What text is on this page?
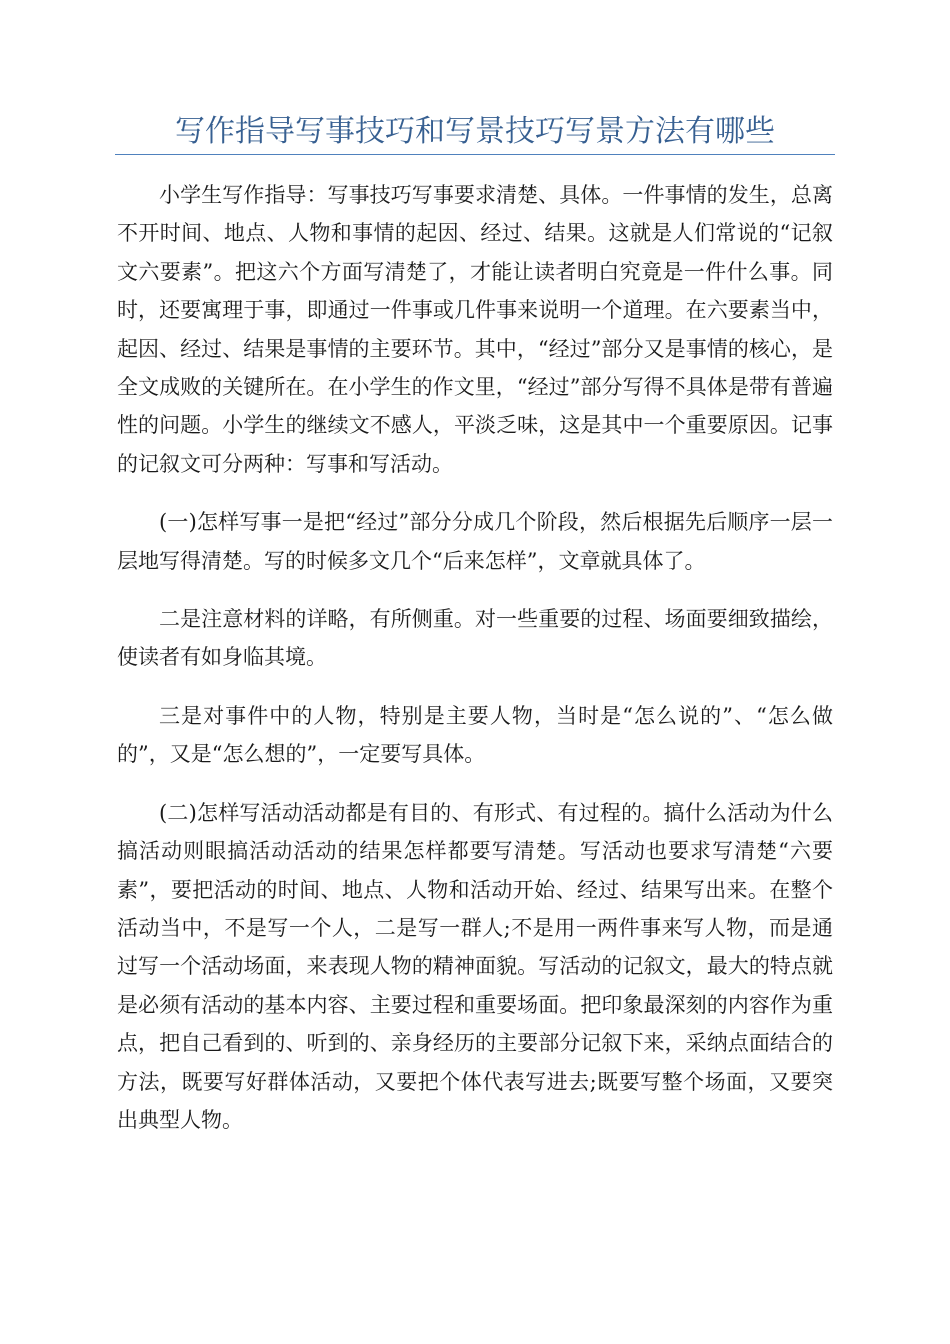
写作指导写事技巧和写景技巧写景方法有哪些

小学生写作指导：写事技巧写事要求清楚、具体。一件事情的发生，总离不开时间、地点、人物和事情的起因、经过、结果。这就是人们常说的“记叙文六要素”。把这六个方面写清楚了，才能让读者明白究竟是一件什么事。同时，还要寓理于事，即通过一件事或几件事来说明一个道理。在六要素当中，起因、经过、结果是事情的主要环节。其中，“经过”部分又是事情的核心，是全文成败的关键所在。在小学生的作文里，“经过”部分写得不具体是带有普遍性的问题。小学生的继续文不感人，平淡乏味，这是其中一个重要原因。记事的记叙文可分两种：写事和写活动。

(一)怎样写事一是把“经过”部分分成几个阶段，然后根据先后顺序一层一层地写得清楚。写的时候多文几个“后来怎样”，文章就具体了。

二是注意材料的详略，有所侧重。对一些重要的过程、场面要细致描绘，使读者有如身临其境。

三是对事件中的人物，特别是主要人物，当时是“怎么说的”、“怎么做的”，又是“怎么想的”，一定要写具体。

(二)怎样写活动活动都是有目的、有形式、有过程的。搞什么活动为什么搞活动则眼搞活动活动的结果怎样都要写清楚。写活动也要求写清楚“六要素”，要把活动的时间、地点、人物和活动开始、经过、结果写出来。在整个活动当中，不是写一个人，二是写一群人;不是用一两件事来写人物，而是通过写一个活动场面，来表现人物的精神面貌。写活动的记叙文，最大的特点就是必须有活动的基本内容、主要过程和重要场面。把印象最深刻的内容作为重点，把自己看到的、听到的、亲身经历的主要部分记叙下来，采纳点面结合的方法，既要写好群体活动，又要把个体代表写进去;既要写整个场面，又要突出典型人物。
